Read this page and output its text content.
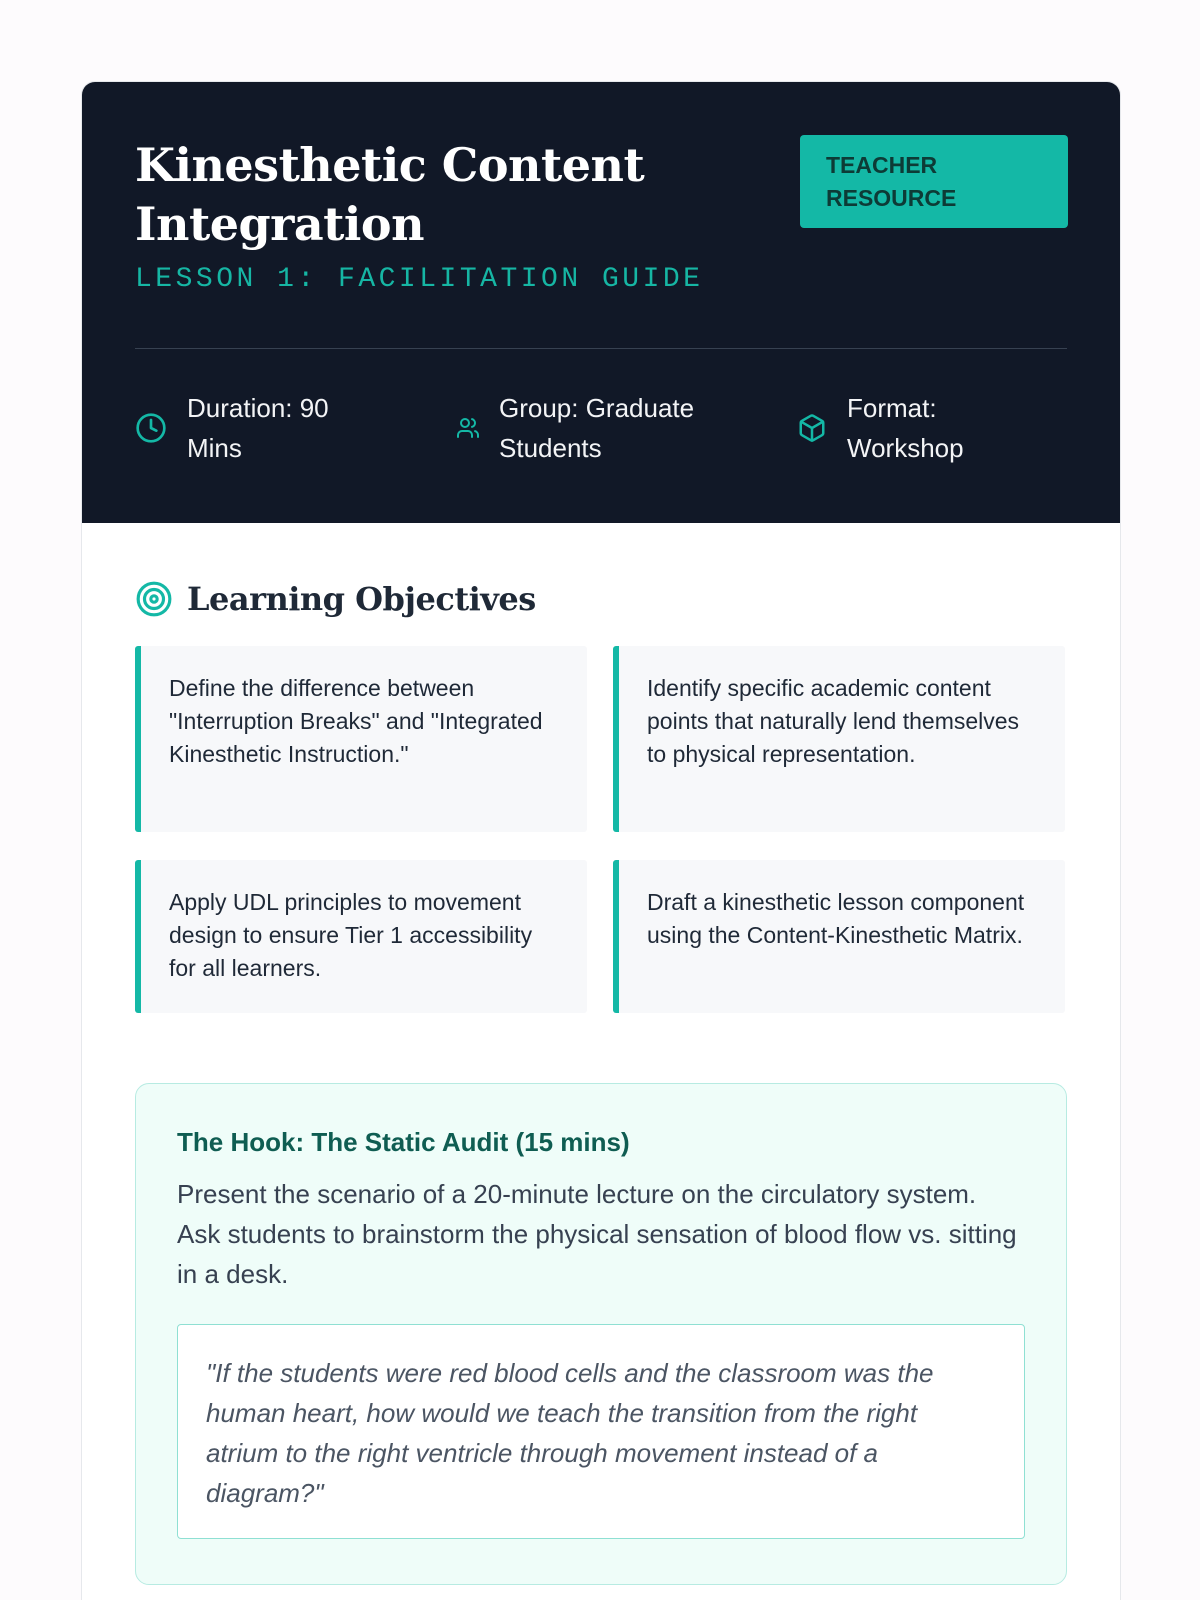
Kinesthetic Content Integration
LESSON 1: FACILITATION GUIDE
TEACHER RESOURCE
Duration: 90 Mins
Group: Graduate Students
Format: Workshop
Learning Objectives
Define the difference between "Interruption Breaks" and "Integrated Kinesthetic Instruction."
Identify specific academic content points that naturally lend themselves to physical representation.
Apply UDL principles to movement design to ensure Tier 1 accessibility for all learners.
Draft a kinesthetic lesson component using the Content-Kinesthetic Matrix.
The Hook: The Static Audit (15 mins)

Present the scenario of a 20-minute lecture on the circulatory system. Ask students to brainstorm the physical sensation of blood flow vs. sitting in a desk.

"If the students were red blood cells and the classroom was the human heart, how would we teach the transition from the right atrium to the right ventricle through movement instead of a diagram?"
